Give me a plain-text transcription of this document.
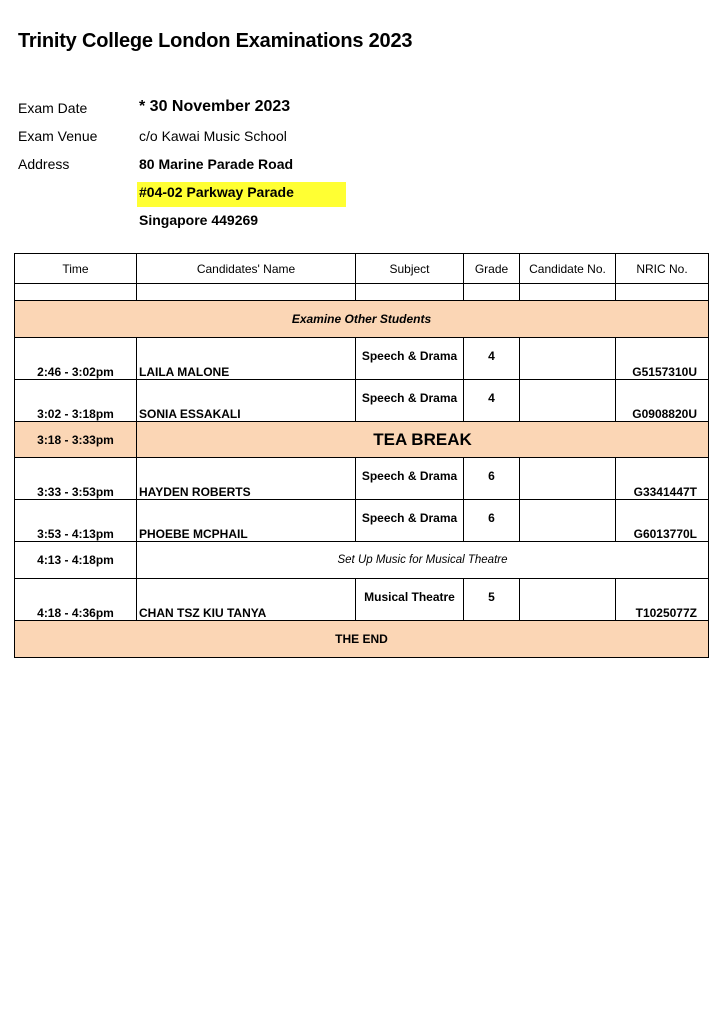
Trinity College London Examinations 2023
Exam Date	* 30 November 2023
Exam Venue	c/o Kawai Music School
Address	80 Marine Parade Road
#04-02 Parkway Parade
Singapore 449269
Time	Candidates' Name	Subject	Grade	Candidate No.	NRIC No.

Examine Other Students					
2:46 - 3:02pm	LAILA MALONE	Speech & Drama	4		G5157310U
3:02 - 3:18pm	SONIA ESSAKALI	Speech & Drama	4		G0908820U
3:18 - 3:33pm	TEA BREAK				
3:33 - 3:53pm	HAYDEN ROBERTS	Speech & Drama	6		G3341447T
3:53 - 4:13pm	PHOEBE MCPHAIL	Speech & Drama	6		G6013770L
4:13 - 4:18pm	Set Up Music for Musical Theatre				
4:18 - 4:36pm	CHAN TSZ KIU TANYA	Musical Theatre	5		T1025077Z
THE END					
